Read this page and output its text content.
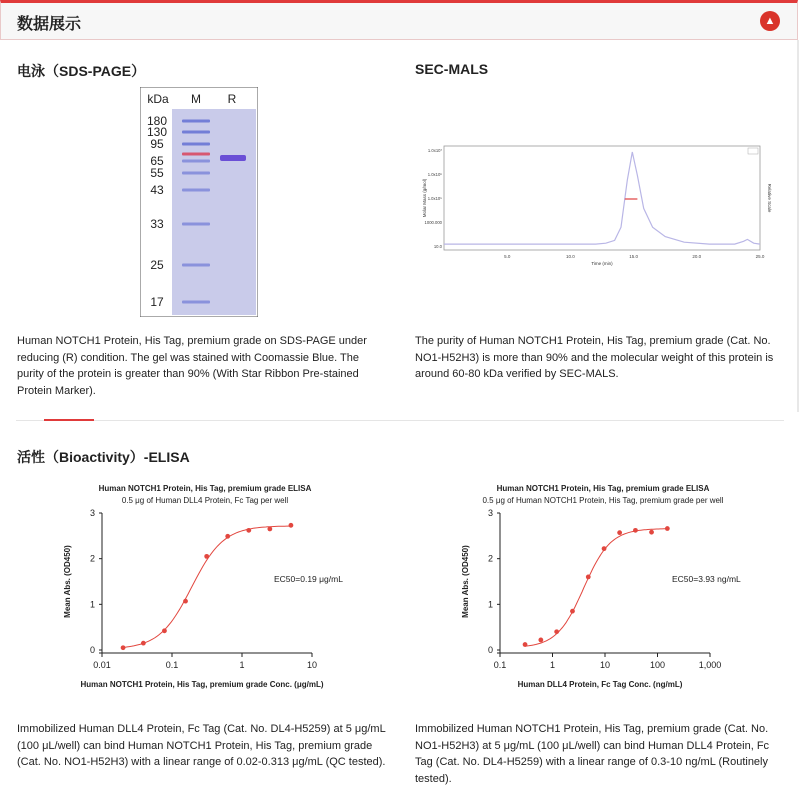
数据展示	▲
电泳（SDS-PAGE）
kDa M R
180
130
95
65
55
43
33
25
17
Human NOTCH1 Protein, His Tag, premium grade on SDS-PAGE under reducing (R) condition. The gel was stained with Coomassie Blue. The purity of the protein is greater than 90% (With Star Ribbon Pre-stained Protein Marker).
SEC-MALS
5.0	10.0	15.0	20.0	25.0
10.0
1000.000
1.0x10⁵
1.0x10⁶
1.0x10⁷
Time (min)
Molar Mass (g/mol)	Relative Scale
The purity of Human NOTCH1 Protein, His Tag, premium grade (Cat. No. NO1-H52H3) is more than 90% and the molecular weight of this protein is around 60-80 kDa verified by SEC-MALS.
活性（Bioactivity）-ELISA
Human NOTCH1 Protein, His Tag, premium grade ELISA
0.5 μg of Human DLL4 Protein, Fc Tag per well
0
1
2
3
0.01	0.1	1	10
Human NOTCH1 Protein, His Tag, premium grade Conc. (μg/mL)
Mean Abs. (OD450)	EC50=0.19 μg/mL
Human NOTCH1 Protein, His Tag, premium grade ELISA
0.5 μg of Human NOTCH1 Protein, His Tag, premium grade per well
0
1
2
3
0.1	1	10	100	1,000
Human DLL4 Protein, Fc Tag Conc. (ng/mL)
Mean Abs. (OD450)	EC50=3.93 ng/mL
Immobilized Human DLL4 Protein, Fc Tag (Cat. No. DL4-H5259) at 5 μg/mL (100 μL/well) can bind Human NOTCH1 Protein, His Tag, premium grade (Cat. No. NO1-H52H3) with a linear range of 0.02-0.313 μg/mL (QC tested).
Immobilized Human NOTCH1 Protein, His Tag, premium grade (Cat. No. NO1-H52H3) at 5 μg/mL (100 μL/well) can bind Human DLL4 Protein, Fc Tag (Cat. No. DL4-H5259) with a linear range of 0.3-10 ng/mL (Routinely tested).
